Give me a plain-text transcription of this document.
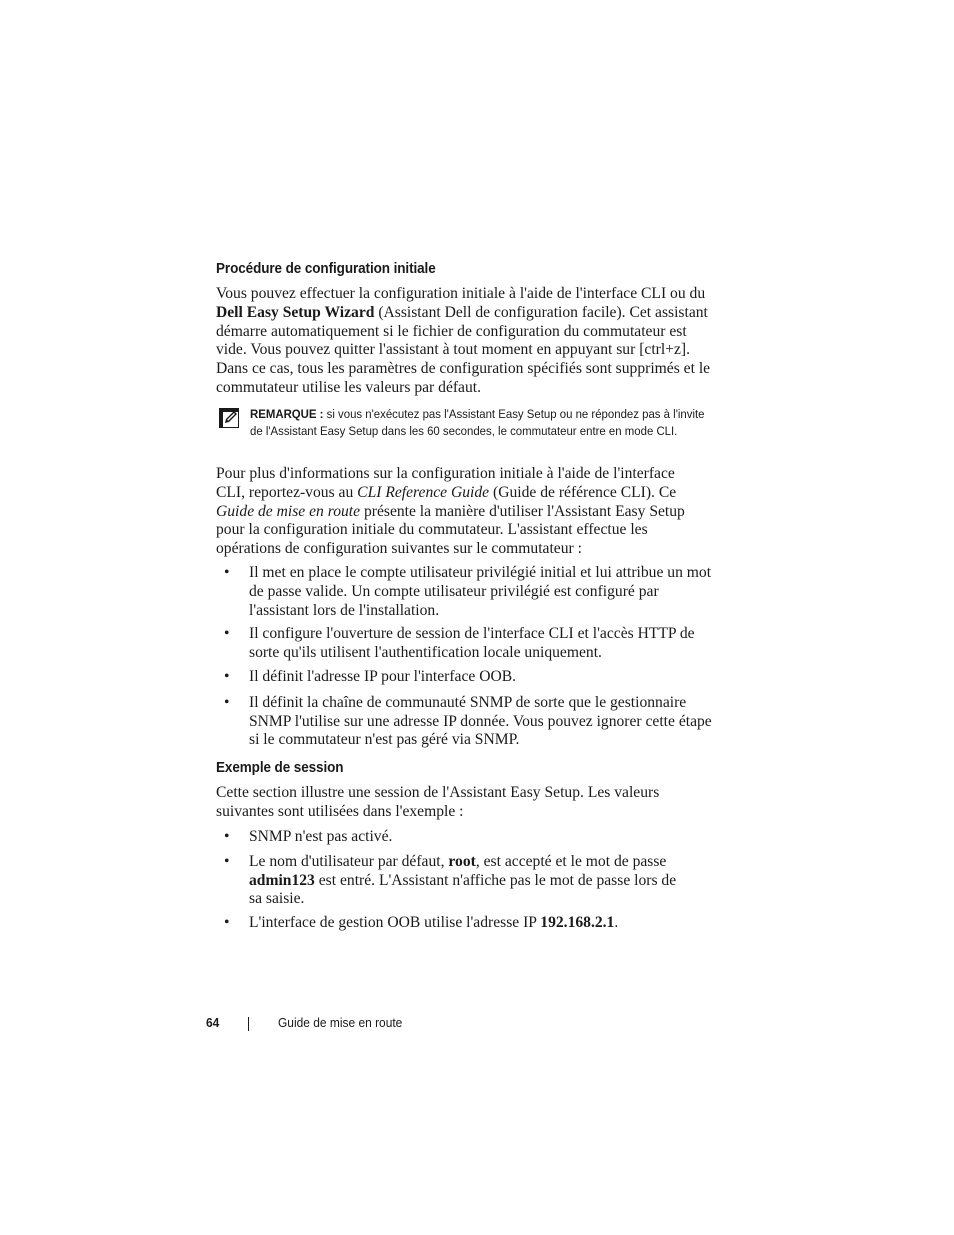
Procédure de configuration initiale

Vous pouvez effectuer la configuration initiale à l'aide de l'interface CLI ou du Dell Easy Setup Wizard (Assistant Dell de configuration facile). Cet assistant démarre automatiquement si le fichier de configuration du commutateur est vide. Vous pouvez quitter l'assistant à tout moment en appuyant sur [ctrl+z]. Dans ce cas, tous les paramètres de configuration spécifiés sont supprimés et le commutateur utilise les valeurs par défaut.

REMARQUE : si vous n'exécutez pas l'Assistant Easy Setup ou ne répondez pas à l'invite de l'Assistant Easy Setup dans les 60 secondes, le commutateur entre en mode CLI.

Pour plus d'informations sur la configuration initiale à l'aide de l'interface CLI, reportez-vous au CLI Reference Guide (Guide de référence CLI). Ce Guide de mise en route présente la manière d'utiliser l'Assistant Easy Setup pour la configuration initiale du commutateur. L'assistant effectue les opérations de configuration suivantes sur le commutateur :

• Il met en place le compte utilisateur privilégié initial et lui attribue un mot de passe valide. Un compte utilisateur privilégié est configuré par l'assistant lors de l'installation.
• Il configure l'ouverture de session de l'interface CLI et l'accès HTTP de sorte qu'ils utilisent l'authentification locale uniquement.
• Il définit l'adresse IP pour l'interface OOB.
• Il définit la chaîne de communauté SNMP de sorte que le gestionnaire SNMP l'utilise sur une adresse IP donnée. Vous pouvez ignorer cette étape si le commutateur n'est pas géré via SNMP.
Exemple de session

Cette section illustre une session de l'Assistant Easy Setup. Les valeurs suivantes sont utilisées dans l'exemple :

• SNMP n'est pas activé.
• Le nom d'utilisateur par défaut, root, est accepté et le mot de passe admin123 est entré. L'Assistant n'affiche pas le mot de passe lors de sa saisie.
• L'interface de gestion OOB utilise l'adresse IP 192.168.2.1.
64	Guide de mise en route
